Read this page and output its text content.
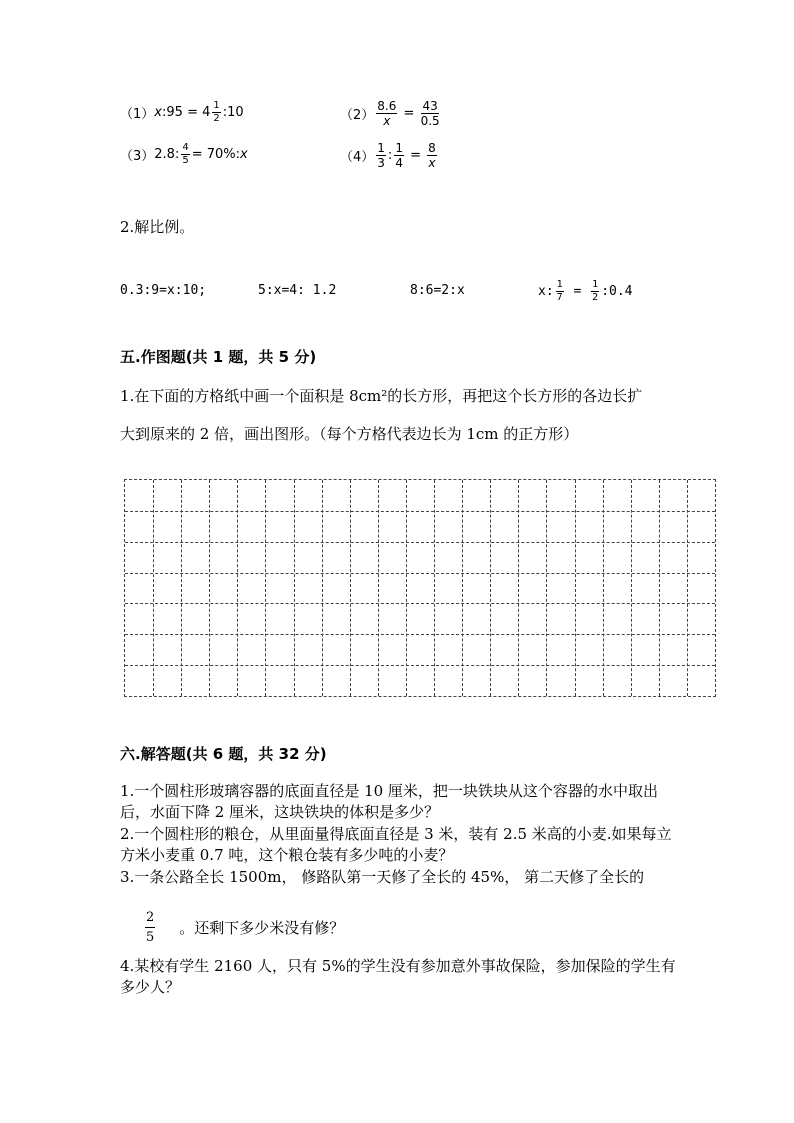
（1） x : 95
=
$4 \frac{1}{2}$ :10	$(2) \frac{8.6}{x}$
=
$\frac{43}{0.5}$
（3） 2.8: $\frac{4}{5} = 70\%$: x	$(4) \frac{1}{3}$ : $\frac{1}{4}$
=
$\frac{8}{x}$
2.解比例。
0.3:9=x:10;	5:x=4: 1.2	8:6=2:x	x: $\frac{1}{7}$
=
$\frac{1}{2}$ :0.4
五.作图题(共 1 题，共 5 分)
1.在下面的方格纸中画一个面积是 8cm²的长方形，再把这个长方形的各边长扩
大到原来的 2 倍，画出图形。（每个方格代表边长为 1cm 的正方形）
六.解答题(共 6 题，共 32 分)
1.一个圆柱形玻璃容器的底面直径是 10 厘米，把一块铁块从这个容器的水中取出后，水面下降 2 厘米，这块铁块的体积是多少？
2.一个圆柱形的粮仓，从里面量得底面直径是 3 米，装有 2.5 米高的小麦.如果每立方米小麦重 0.7 吨，这个粮仓装有多少吨的小麦？
3.一条公路全长 1500m， 修路队第一天修了全长的 45%， 第二天修了全长的
$\frac{2}{5}$ 。还剩下多少米没有修？
4.某校有学生 2160 人，只有 5%的学生没有参加意外事故保险，参加保险的学生有多少人？
